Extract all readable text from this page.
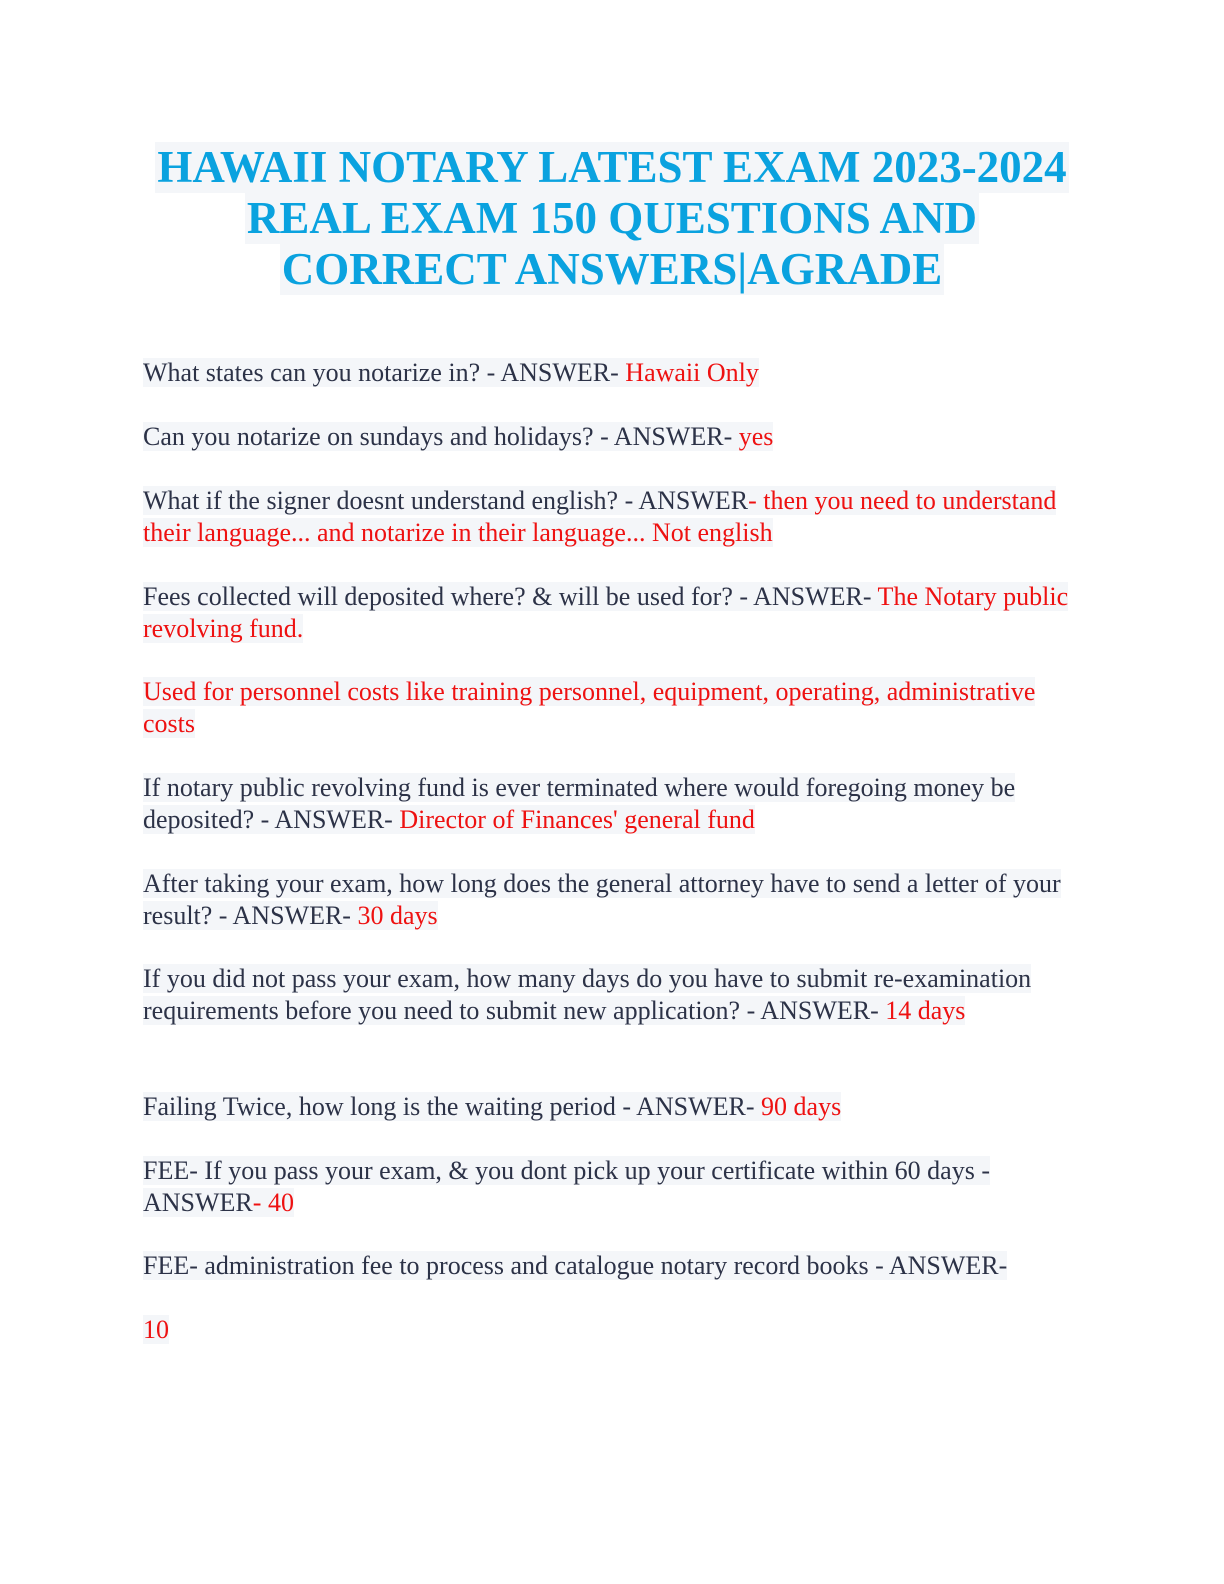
HAWAII NOTARY LATEST EXAM 2023-2024
REAL EXAM 150 QUESTIONS AND
CORRECT ANSWERS|AGRADE
What states can you notarize in? - ANSWER- Hawaii Only
Can you notarize on sundays and holidays? - ANSWER- yes
What if the signer doesnt understand english? - ANSWER- then you need to understand their language... and notarize in their language... Not english
Fees collected will deposited where? & will be used for? - ANSWER- The Notary public revolving fund.
Used for personnel costs like training personnel, equipment, operating, administrative costs
If notary public revolving fund is ever terminated where would foregoing money be deposited? - ANSWER- Director of Finances' general fund
After taking your exam, how long does the general attorney have to send a letter of your result? - ANSWER- 30 days
If you did not pass your exam, how many days do you have to submit re-examination requirements before you need to submit new application? - ANSWER- 14 days
Failing Twice, how long is the waiting period - ANSWER- 90 days
FEE- If you pass your exam, & you dont pick up your certificate within 60 days - ANSWER- 40
FEE- administration fee to process and catalogue notary record books - ANSWER-
10
